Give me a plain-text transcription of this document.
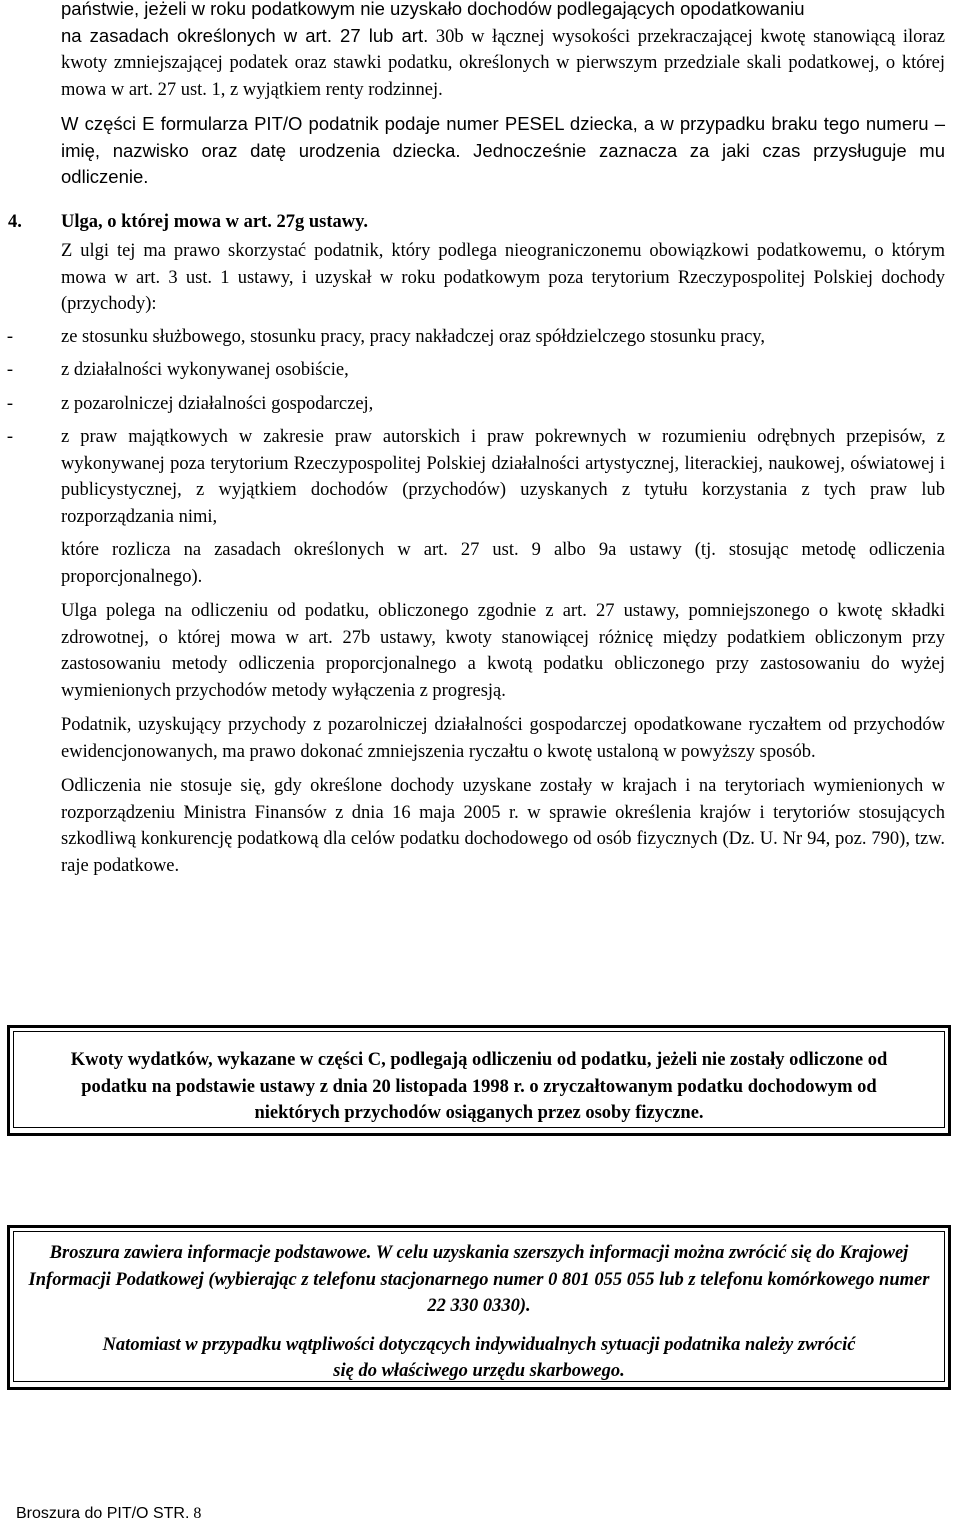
państwie, jeżeli w roku podatkowym nie uzyskało dochodów podlegających opodatkowaniu

na zasadach określonych w art. 27 lub art. 30b w łącznej wysokości przekraczającej kwotę stanowiącą iloraz kwoty zmniejszającej podatek oraz stawki podatku, określonych w pierwszym przedziale skali podatkowej, o której mowa w art. 27 ust. 1, z wyjątkiem renty rodzinnej.

W części E formularza PIT/O podatnik podaje numer PESEL dziecka, a w przypadku braku tego numeru – imię, nazwisko oraz datę urodzenia dziecka. Jednocześnie zaznacza za jaki czas przysługuje mu odliczenie.

4. Ulga, o której mowa w art. 27g ustawy.

Z ulgi tej ma prawo skorzystać podatnik, który podlega nieograniczonemu obowiązkowi podatkowemu, o którym mowa w art. 3 ust. 1 ustawy, i uzyskał w roku podatkowym poza terytorium Rzeczypospolitej Polskiej dochody (przychody):

-	ze stosunku służbowego, stosunku pracy, pracy nakładczej oraz spółdzielczego stosunku pracy,
-	z działalności wykonywanej osobiście,
-	z pozarolniczej działalności gospodarczej,
-	z praw majątkowych w zakresie praw autorskich i praw pokrewnych w rozumieniu odrębnych przepisów, z wykonywanej poza terytorium Rzeczypospolitej Polskiej działalności artystycznej, literackiej, naukowej, oświatowej i publicystycznej, z wyjątkiem dochodów (przychodów) uzyskanych z tytułu korzystania z tych praw lub rozporządzania nimi,

które rozlicza na zasadach określonych w art. 27 ust. 9 albo 9a ustawy (tj. stosując metodę odliczenia proporcjonalnego).

Ulga polega na odliczeniu od podatku, obliczonego zgodnie z art. 27 ustawy, pomniejszonego o kwotę składki zdrowotnej, o której mowa w art. 27b ustawy, kwoty stanowiącej różnicę między podatkiem obliczonym przy zastosowaniu metody odliczenia proporcjonalnego a kwotą podatku obliczonego przy zastosowaniu do wyżej wymienionych przychodów metody wyłączenia z progresją.

Podatnik, uzyskujący przychody z pozarolniczej działalności gospodarczej opodatkowane ryczałtem od przychodów ewidencjonowanych, ma prawo dokonać zmniejszenia ryczałtu o kwotę ustaloną w powyższy sposób.

Odliczenia nie stosuje się, gdy określone dochody uzyskane zostały w krajach i na terytoriach wymienionych w rozporządzeniu Ministra Finansów z dnia 16 maja 2005 r. w sprawie określenia krajów i terytoriów stosujących szkodliwą konkurencję podatkową dla celów podatku dochodowego od osób fizycznych (Dz. U. Nr 94, poz. 790), tzw. raje podatkowe.

Kwoty wydatków, wykazane w części C, podlegają odliczeniu od podatku, jeżeli nie zostały odliczone od podatku na podstawie ustawy z dnia 20 listopada 1998 r. o zryczałtowanym podatku dochodowym od niektórych przychodów osiąganych przez osoby fizyczne.

Broszura zawiera informacje podstawowe. W celu uzyskania szerszych informacji można zwrócić się do Krajowej Informacji Podatkowej (wybierając z telefonu stacjonarnego numer 0 801 055 055 lub z telefonu komórkowego numer 22 330 0330).

Natomiast w przypadku wątpliwości dotyczących indywidualnych sytuacji podatnika należy zwrócić się do właściwego urzędu skarbowego.

Broszura do PIT/O STR. 8
